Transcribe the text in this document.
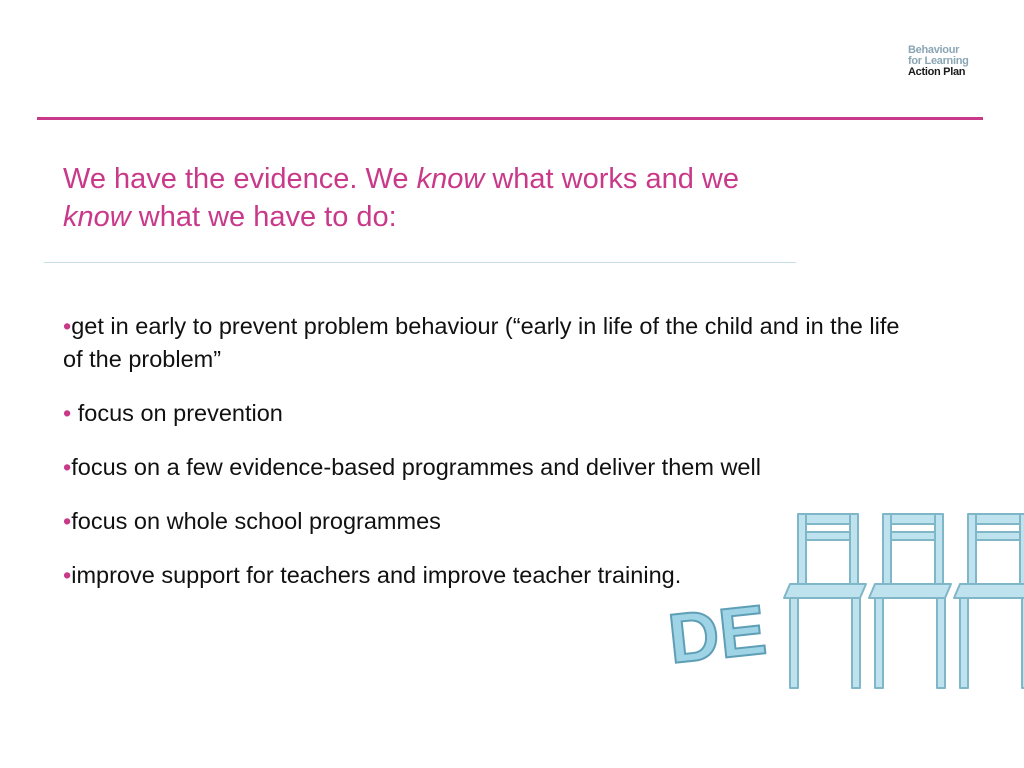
Behaviour
for Learning
Action Plan
We have the evidence. We know what works and we
know what we have to do:
•get in early to prevent problem behaviour (“early in life of the child and in the life of the problem”
• focus on prevention
•focus on a few evidence-based programmes and deliver them well
•focus on whole school programmes
•improve support for teachers and improve teacher training.
DE
